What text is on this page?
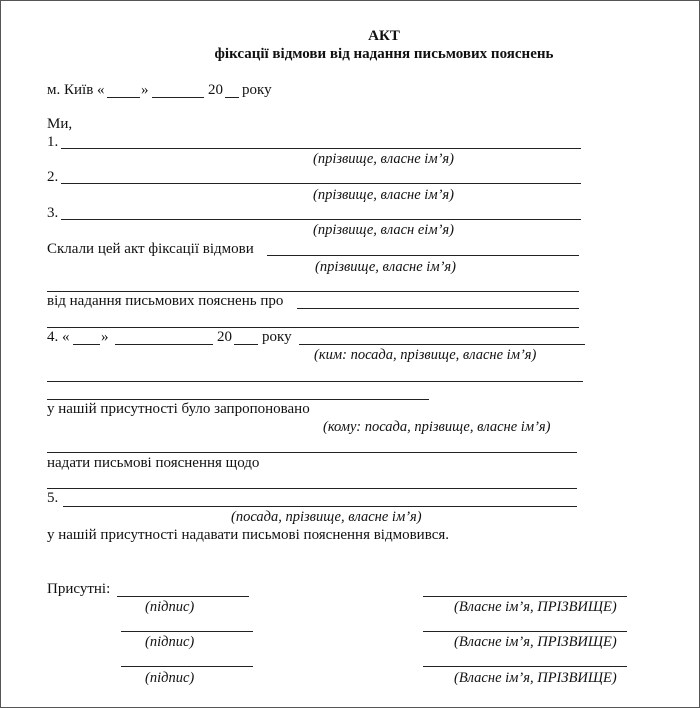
АКТ
фіксації відмови від надання письмових пояснень
м. Київ « »	20 року
Ми,
1.
(прізвище, власне ім’я)
2.
(прізвище, власне ім’я)
3.
(прізвище, власн еім’я)
Склали цей акт фіксації відмови
(прізвище, власне ім’я)
від надання письмових пояснень про
4. « »	20 року
(ким: посада, прізвище, власне ім’я)
у нашій присутності було запропоновано
(кому: посада, прізвище, власне ім’я)
надати письмові пояснення щодо
5.
(посада, прізвище, власне ім’я)
у нашій присутності надавати письмові пояснення відмовився.
Присутні:
(підпис)	(Власне ім’я, ПРІЗВИЩЕ)
(підпис)	(Власне ім’я, ПРІЗВИЩЕ)
(підпис)	(Власне ім’я, ПРІЗВИЩЕ)
